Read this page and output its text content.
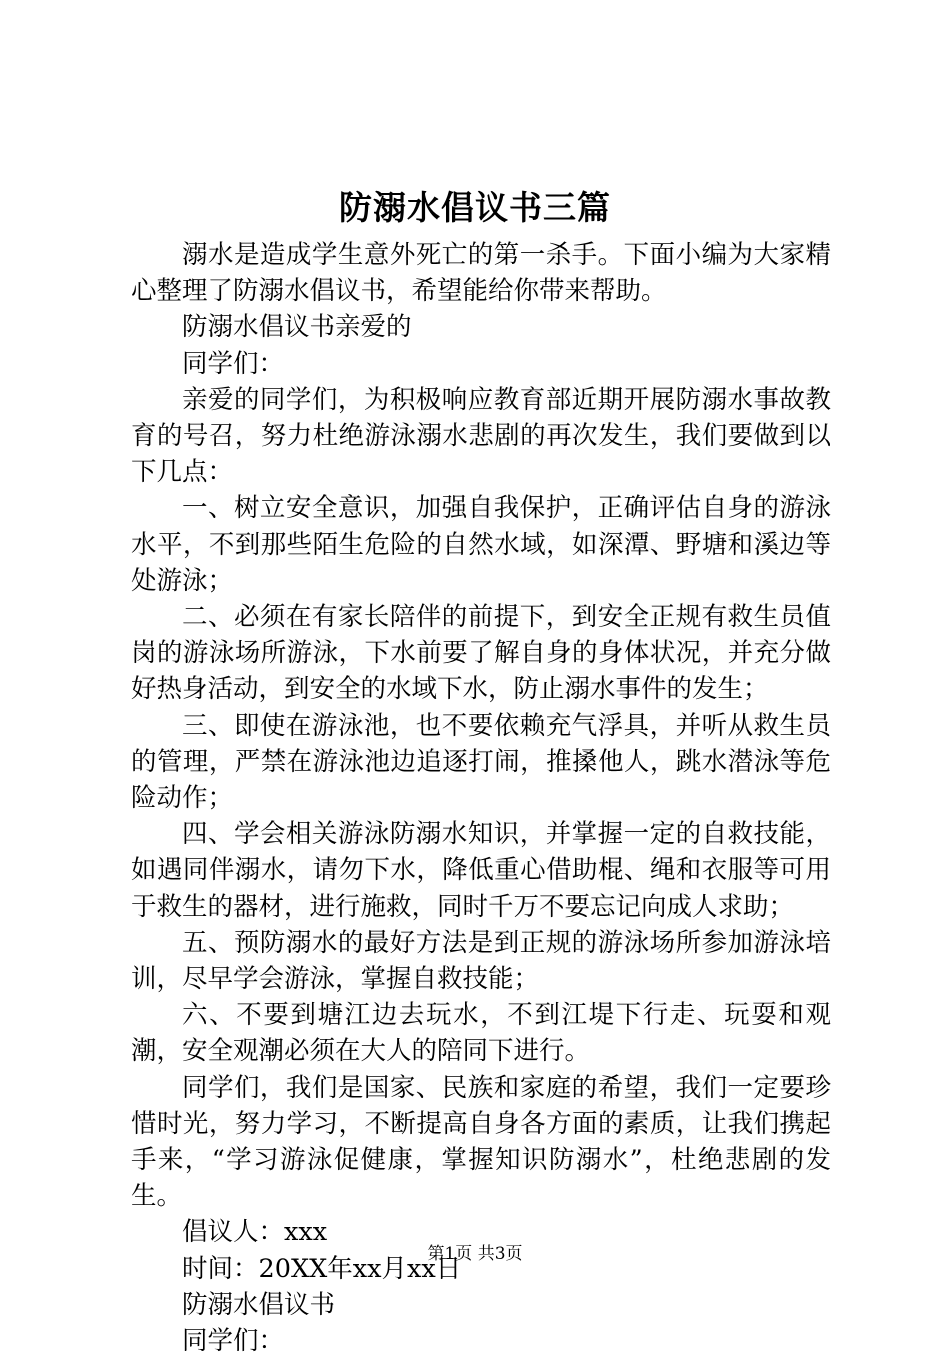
防溺水倡议书三篇

溺水是造成学生意外死亡的第一杀手。下面小编为大家精心整理了防溺水倡议书，希望能给你带来帮助。

防溺水倡议书亲爱的

同学们：

亲爱的同学们，为积极响应教育部近期开展防溺水事故教育的号召，努力杜绝游泳溺水悲剧的再次发生，我们要做到以下几点：

一、树立安全意识，加强自我保护，正确评估自身的游泳水平，不到那些陌生危险的自然水域，如深潭、野塘和溪边等处游泳；

二、必须在有家长陪伴的前提下，到安全正规有救生员值岗的游泳场所游泳，下水前要了解自身的身体状况，并充分做好热身活动，到安全的水域下水，防止溺水事件的发生；

三、即使在游泳池，也不要依赖充气浮具，并听从救生员的管理，严禁在游泳池边追逐打闹，推搡他人，跳水潜泳等危险动作；

四、学会相关游泳防溺水知识，并掌握一定的自救技能，如遇同伴溺水，请勿下水，降低重心借助棍、绳和衣服等可用于救生的器材，进行施救，同时千万不要忘记向成人求助；

五、预防溺水的最好方法是到正规的游泳场所参加游泳培训，尽早学会游泳，掌握自救技能；

六、不要到塘江边去玩水，不到江堤下行走、玩耍和观潮，安全观潮必须在大人的陪同下进行。

同学们，我们是国家、民族和家庭的希望，我们一定要珍惜时光，努力学习，不断提高自身各方面的素质，让我们携起手来，“学习游泳促健康，掌握知识防溺水”，杜绝悲剧的发生。

倡议人：xxx

时间：20XX年xx月xx日

防溺水倡议书

同学们：

第1页 共3页
